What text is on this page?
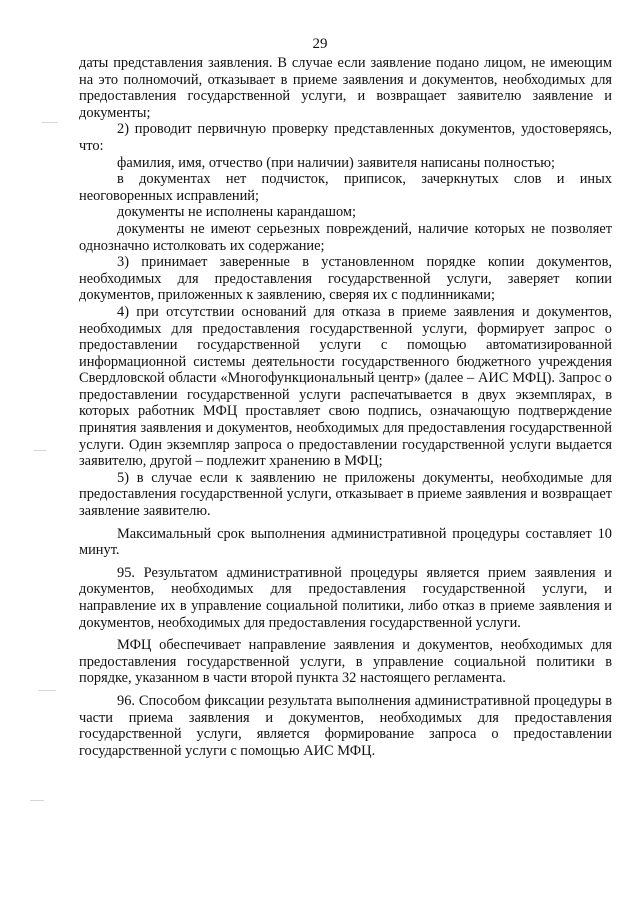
29

даты представления заявления. В случае если заявление подано лицом, не имеющим на это полномочий, отказывает в приеме заявления и документов, необходимых для предоставления государственной услуги, и возвращает заявителю заявление и документы;

2) проводит первичную проверку представленных документов, удостоверяясь, что:

фамилия, имя, отчество (при наличии) заявителя написаны полностью;

в документах нет подчисток, приписок, зачеркнутых слов и иных неоговоренных исправлений;

документы не исполнены карандашом;

документы не имеют серьезных повреждений, наличие которых не позволяет однозначно истолковать их содержание;

3) принимает заверенные в установленном порядке копии документов, необходимых для предоставления государственной услуги, заверяет копии документов, приложенных к заявлению, сверяя их с подлинниками;

4) при отсутствии оснований для отказа в приеме заявления и документов, необходимых для предоставления государственной услуги, формирует запрос о предоставлении государственной услуги с помощью автоматизированной информационной системы деятельности государственного бюджетного учреждения Свердловской области «Многофункциональный центр» (далее – АИС МФЦ). Запрос о предоставлении государственной услуги распечатывается в двух экземплярах, в которых работник МФЦ проставляет свою подпись, означающую подтверждение принятия заявления и документов, необходимых для предоставления государственной услуги. Один экземпляр запроса о предоставлении государственной услуги выдается заявителю, другой – подлежит хранению в МФЦ;

5) в случае если к заявлению не приложены документы, необходимые для предоставления государственной услуги, отказывает в приеме заявления и возвращает заявление заявителю.

Максимальный срок выполнения административной процедуры составляет 10 минут.

95. Результатом административной процедуры является прием заявления и документов, необходимых для предоставления государственной услуги, и направление их в управление социальной политики, либо отказ в приеме заявления и документов, необходимых для предоставления государственной услуги.

МФЦ обеспечивает направление заявления и документов, необходимых для предоставления государственной услуги, в управление социальной политики в порядке, указанном в части второй пункта 32 настоящего регламента.

96. Способом фиксации результата выполнения административной процедуры в части приема заявления и документов, необходимых для предоставления государственной услуги, является формирование запроса о предоставлении государственной услуги с помощью АИС МФЦ.
